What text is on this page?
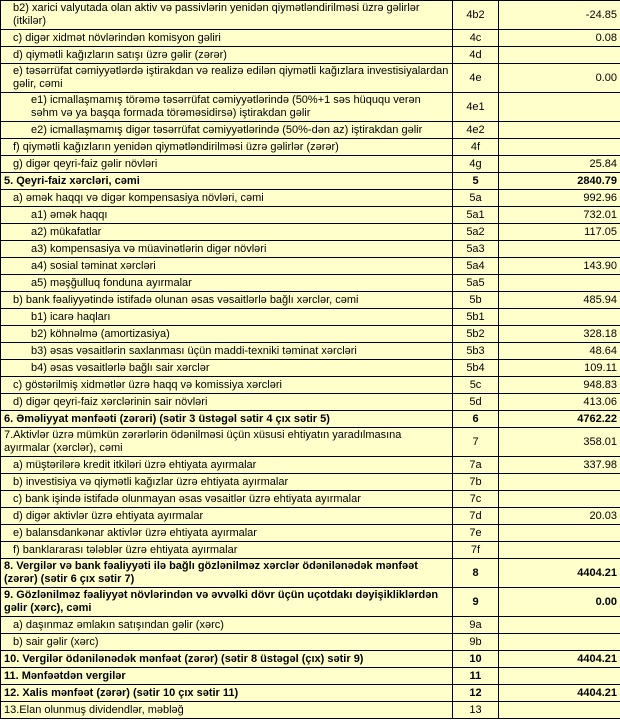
b2) xarici valyutada olan aktiv və passivlərin yenidən qiymətləndirilməsi üzrə gəlirlər (itkilər)	4b2	-24.85
c) digər xidmət növlərindən komisyon gəliri	4c	0.08
d) qiymətli kağızların satışı üzrə gəlir (zərər)	4d	
e) təsərrüfat cəmiyyətlərdə iştirakdan və realizə edilən qiymətli kağızlara investisiyalardan gəlir, cəmi	4e	0.00
e1) icmallaşmamış törəmə təsərrüfat cəmiyyətlərində (50%+1 səs hüququ verən səhm və ya başqa formada törəməsidirsə) iştirakdan gəlir	4e1	
e2) icmallaşmamış digər təsərrüfat cəmiyyətlərində (50%-dən az) iştirakdan gəlir	4e2	
f) qiymətli kağızların yenidən qiymətləndirilməsi üzrə gəlirlər (zərər)	4f	
g) digər qeyri-faiz gəlir növləri	4g	25.84
5. Qeyri-faiz xərcləri, cəmi	5	2840.79
a) əmək haqqı və digər kompensasiya növləri, cəmi	5a	992.96
a1) əmək haqqı	5a1	732.01
a2) mükafatlar	5a2	117.05
a3) kompensasiya və müavinətlərin digər növləri	5a3	
a4) sosial təminat xərcləri	5a4	143.90
a5) məşğulluq fonduna ayırmalar	5a5	
b) bank fəaliyyətində istifadə olunan əsas vəsaitlərlə bağlı xərclər, cəmi	5b	485.94
b1) icarə haqları	5b1	
b2) köhnəlmə (amortizasiya)	5b2	328.18
b3) əsas vəsaitlərin saxlanması üçün maddi-texniki təminat xərcləri	5b3	48.64
b4) əsas vəsaitlərlə bağlı sair xərclər	5b4	109.11
c) göstərilmiş xidmətlər üzrə haqq və komissiya xərcləri	5c	948.83
d) digər qeyri-faiz xərclərinin sair növləri	5d	413.06
6. Əməliyyat mənfəəti (zərəri) (sətir 3 üstəgəl sətir 4 çıx sətir 5)	6	4762.22
7.Aktivlər üzrə mümkün zərərlərin ödənilməsi üçün xüsusi ehtiyatın yaradılmasına ayırmalar (xərclər), cəmi	7	358.01
a) müştərilərə kredit itkiləri üzrə ehtiyata ayırmalar	7a	337.98
b) investisiya və qiymətli kağızlar üzrə ehtiyata ayırmalar	7b	
c) bank işində istifadə olunmayan əsas vəsaitlər üzrə ehtiyata ayırmalar	7c	
d) digər aktivlər üzrə ehtiyata ayırmalar	7d	20.03
e) balansdankənar aktivlər üzrə ehtiyata ayırmalar	7e	
f) banklararası tələblər üzrə ehtiyata ayırmalar	7f	
8. Vergilər və bank fəaliyyəti ilə bağlı gözlənilməz xərclər ödənilənədək mənfəət (zərər) (sətir 6 çıx sətir 7)	8	4404.21
9. Gözlənilməz fəaliyyət növlərindən və əvvəlki dövr üçün uçotdakı dəyişikliklərdən gəlir (xərc), cəmi	9	0.00
a) daşınmaz əmlakın satışından gəlir (xərc)	9a	
b) sair gəlir (xərc)	9b	
10. Vergilər ödənilənədək mənfəət (zərər) (sətir 8 üstəgəl (çıx) sətir 9)	10	4404.21
11. Mənfəətdən vergilər	11	
12. Xalis mənfəət (zərər) (sətir 10 çıx sətir 11)	12	4404.21
13.Elan olunmuş dividendlər, məbləğ	13	
